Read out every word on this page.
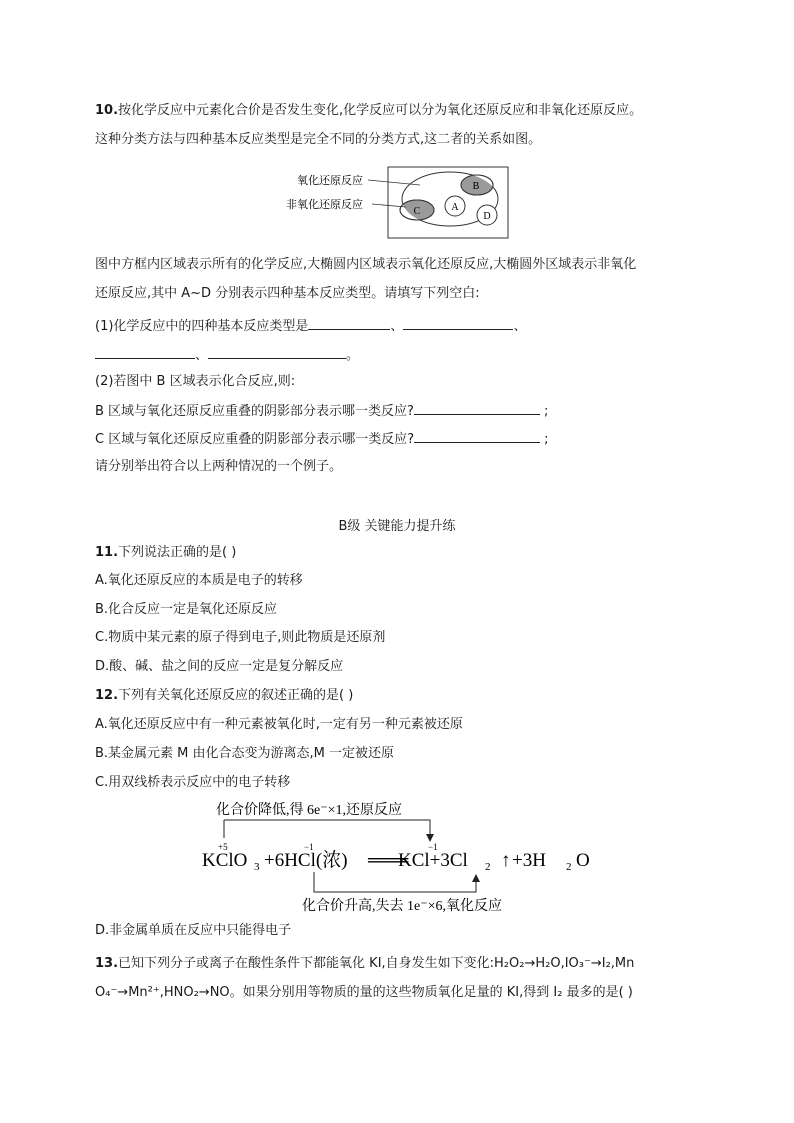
10.按化学反应中元素化合价是否发生变化,化学反应可以分为氧化还原反应和非氧化还原反应。
这种分类方法与四种基本反应类型是完全不同的分类方式,这二者的关系如图。
B
C	A
D
氧化还原反应
非氧化还原反应
图中方框内区域表示所有的化学反应,大椭圆内区域表示氧化还原反应,大椭圆外区域表示非氧化
还原反应,其中 A~D 分别表示四种基本反应类型。请填写下列空白:
(1)化学反应中的四种基本反应类型是	、	、
、	。
(2)若图中 B 区域表示化合反应,则:
B 区域与氧化还原反应重叠的阴影部分表示哪一类反应?	;
C 区域与氧化还原反应重叠的阴影部分表示哪一类反应?	;
请分别举出符合以上两种情况的一个例子。
B级 关键能力提升练
11.下列说法正确的是( )
A.氧化还原反应的本质是电子的转移
B.化合反应一定是氧化还原反应
C.物质中某元素的原子得到电子,则此物质是还原剂
D.酸、碱、盐之间的反应一定是复分解反应
12.下列有关氧化还原反应的叙述正确的是( )
A.氧化还原反应中有一种元素被氧化时,一定有另一种元素被还原
B.某金属元素 M 由化合态变为游离态,M 一定被还原
C.用双线桥表示反应中的电子转移
化合价降低,得 6e⁻×1,还原反应
+5	−1	−1
KClO 3 +6HCl(浓) ═══
KCl+3Cl 2 ↑ +3H 2 O
化合价升高,失去 1e⁻×6,氧化反应
D.非金属单质在反应中只能得电子
13.已知下列分子或离子在酸性条件下都能氧化 KI,自身发生如下变化:H₂O₂→H₂O,IO₃⁻→I₂,Mn
O₄⁻→Mn²⁺,HNO₂→NO。如果分别用等物质的量的这些物质氧化足量的 KI,得到 I₂ 最多的是( )
